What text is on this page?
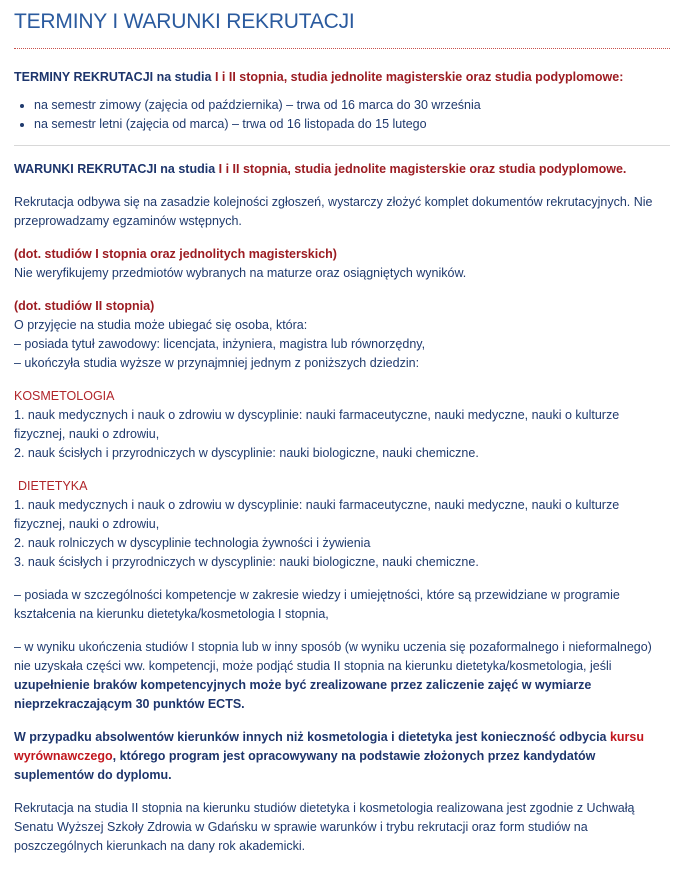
TERMINY I WARUNKI REKRUTACJI

TERMINY REKRUTACJI na studia I i II stopnia, studia jednolite magisterskie oraz studia podyplomowe:

• na semestr zimowy (zajęcia od października) – trwa od 16 marca do 30 września
• na semestr letni (zajęcia od marca) – trwa od 16 listopada do 15 lutego

WARUNKI REKRUTACJI na studia I i II stopnia, studia jednolite magisterskie oraz studia podyplomowe.

Rekrutacja odbywa się na zasadzie kolejności zgłoszeń, wystarczy złożyć komplet dokumentów rekrutacyjnych. Nie przeprowadzamy egzaminów wstępnych.

(dot. studiów I stopnia oraz jednolitych magisterskich)

Nie weryfikujemy przedmiotów wybranych na maturze oraz osiągniętych wyników.

(dot. studiów II stopnia)

O przyjęcie na studia może ubiegać się osoba, która:

– posiada tytuł zawodowy: licencjata, inżyniera, magistra lub równorzędny,

– ukończyła studia wyższe w przynajmniej jednym z poniższych dziedzin:

KOSMETOLOGIA

1. nauk medycznych i nauk o zdrowiu w dyscyplinie: nauki farmaceutyczne, nauki medyczne, nauki o kulturze fizycznej, nauki o zdrowiu,

2. nauk ścisłych i przyrodniczych w dyscyplinie: nauki biologiczne, nauki chemiczne.

DIETETYKA

1. nauk medycznych i nauk o zdrowiu w dyscyplinie: nauki farmaceutyczne, nauki medyczne, nauki o kulturze fizycznej, nauki o zdrowiu,

2. nauk rolniczych w dyscyplinie technologia żywności i żywienia

3. nauk ścisłych i przyrodniczych w dyscyplinie: nauki biologiczne, nauki chemiczne.

– posiada w szczególności kompetencje w zakresie wiedzy i umiejętności, które są przewidziane w programie kształcenia na kierunku dietetyka/kosmetologia I stopnia,

– w wyniku ukończenia studiów I stopnia lub w inny sposób (w wyniku uczenia się pozaformalnego i nieformalnego) nie uzyskała części ww. kompetencji, może podjąć studia II stopnia na kierunku dietetyka/kosmetologia, jeśli uzupełnienie braków kompetencyjnych może być zrealizowane przez zaliczenie zajęć w wymiarze nieprzekraczającym 30 punktów ECTS.

W przypadku absolwentów kierunków innych niż kosmetologia i dietetyka jest konieczność odbycia kursu wyrównawczego, którego program jest opracowywany na podstawie złożonych przez kandydatów suplementów do dyplomu.

Rekrutacja na studia II stopnia na kierunku studiów dietetyka i kosmetologia realizowana jest zgodnie z Uchwałą Senatu Wyższej Szkoły Zdrowia w Gdańsku w sprawie warunków i trybu rekrutacji oraz form studiów na poszczególnych kierunkach na dany rok akademicki.
